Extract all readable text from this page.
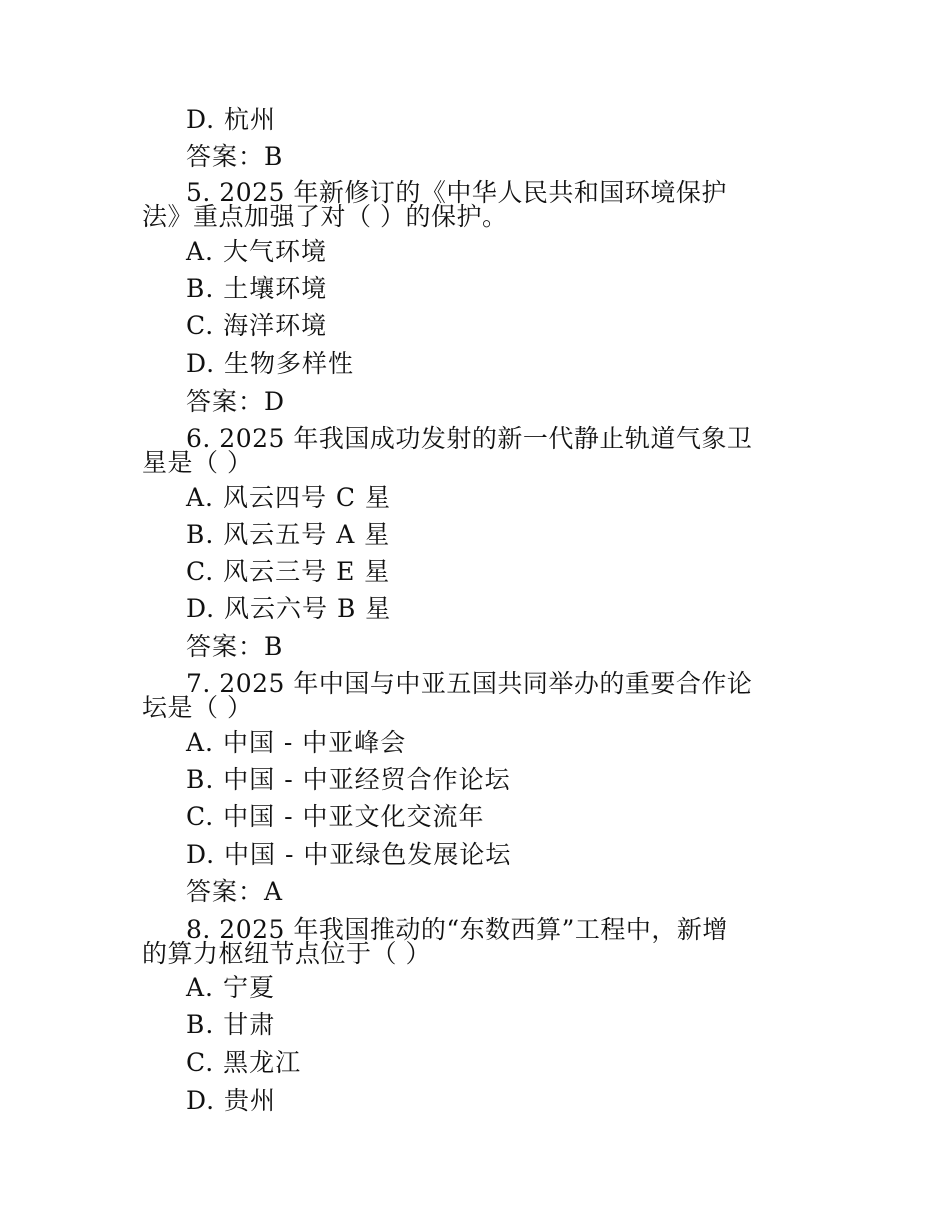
D. 杭州
答案：B
5. 2025 年新修订的《中华人民共和国环境保护
法》重点加强了对（ ）的保护。
A. 大气环境
B. 土壤环境
C. 海洋环境
D. 生物多样性
答案：D
6. 2025 年我国成功发射的新一代静止轨道气象卫
星是（ ）
A. 风云四号 C 星
B. 风云五号 A 星
C. 风云三号 E 星
D. 风云六号 B 星
答案：B
7. 2025 年中国与中亚五国共同举办的重要合作论
坛是（ ）
A. 中国 - 中亚峰会
B. 中国 - 中亚经贸合作论坛
C. 中国 - 中亚文化交流年
D. 中国 - 中亚绿色发展论坛
答案：A
8. 2025 年我国推动的“东数西算”工程中，新增
的算力枢纽节点位于（ ）
A. 宁夏
B. 甘肃
C. 黑龙江
D. 贵州
